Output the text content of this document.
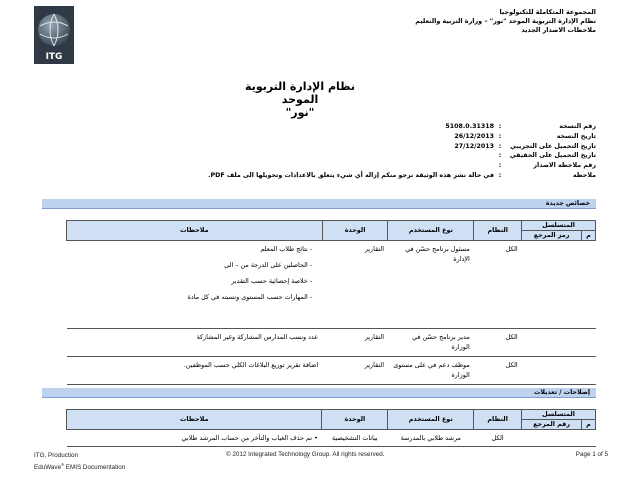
ITG
المجموعة المتكاملة للتكنولوجيا
نظام الإدارة التربوية الموحد "نور" – وزارة التربية والتعليم
ملاحظات الاصدار الجديد
نظام الإدارة التربوية الموحد
"نور"
رقم النسخة
:
5108.0.31318
تاريخ النسخة
:
26/12/2013
تاريخ التحميل على التجريبي
:
27/12/2013
تاريخ التحميل على الحقيقي
:
رقم ملاحظة الاصدار
:
ملاحظة
:
في حالة نشر هذه الوثيقة نرجو منكم إزالة أي شيء يتعلق بالاعدادات وتحويلها الى ملف PDF.
خصائص جديدة
المتسلسل		النظام	نوع المستخدم	الوحدة	ملاحظات
م	رمز المرجع				
		الكل	مسئول برنامج حسّن في الإدارة	التقارير	- نتائج طلاب المعلم
- الحاصلين على الدرجة من – الى
- خلاصة إحصائية حسب التقدير
- المهارات حسب المستوى ونسبته في كل مادة

		الكل	مدير برنامج حسّن في الوزارة	التقارير	عدد ونسب المدارس المشاركة وغير المشاركة
		الكل	موظف دعم في على مستوى الوزارة	التقارير	اضافة تقرير توزيع البلاغات الكلي حسب الموظفين.
إصلاحات / تعديلات
المتسلسل		النظام	نوع المستخدم	الوحدة	ملاحظات
م	رقم المرجع				
		الكل	مرشد طلابي بالمدرسة	بيانات التشخيصية	• تم حذف الغياب والتأخر من حساب المرشد طلابي
ITG, Production
EduWave® EMIS Documentation
© 2012 Integrated Technology Group. All rights reserved.	Page 1 of 5
